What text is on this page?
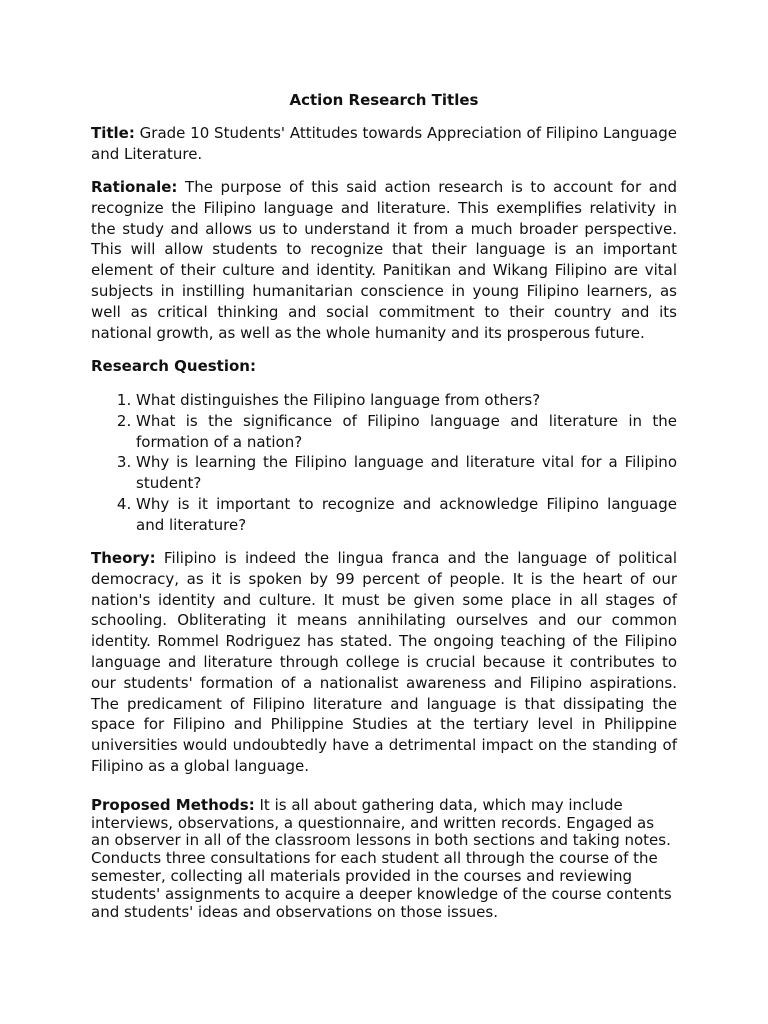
Action Research Titles

Title: Grade 10 Students' Attitudes towards Appreciation of Filipino Language and Literature.

Rationale: The purpose of this said action research is to account for and recognize the Filipino language and literature. This exemplifies relativity in the study and allows us to understand it from a much broader perspective. This will allow students to recognize that their language is an important element of their culture and identity. Panitikan and Wikang Filipino are vital subjects in instilling humanitarian conscience in young Filipino learners, as well as critical thinking and social commitment to their country and its national growth, as well as the whole humanity and its prosperous future.

Research Question:
1. What distinguishes the Filipino language from others?
2. What is the significance of Filipino language and literature in the formation of a nation?
3. Why is learning the Filipino language and literature vital for a Filipino student?
4. Why is it important to recognize and acknowledge Filipino language and literature?

Theory: Filipino is indeed the lingua franca and the language of political democracy, as it is spoken by 99 percent of people. It is the heart of our nation's identity and culture. It must be given some place in all stages of schooling. Obliterating it means annihilating ourselves and our common identity. Rommel Rodriguez has stated. The ongoing teaching of the Filipino language and literature through college is crucial because it contributes to our students' formation of a nationalist awareness and Filipino aspirations. The predicament of Filipino literature and language is that dissipating the space for Filipino and Philippine Studies at the tertiary level in Philippine universities would undoubtedly have a detrimental impact on the standing of Filipino as a global language.

Proposed Methods: It is all about gathering data, which may include interviews, observations, a questionnaire, and written records. Engaged as an observer in all of the classroom lessons in both sections and taking notes. Conducts three consultations for each student all through the course of the semester, collecting all materials provided in the courses and reviewing students' assignments to acquire a deeper knowledge of the course contents and students' ideas and observations on those issues.
